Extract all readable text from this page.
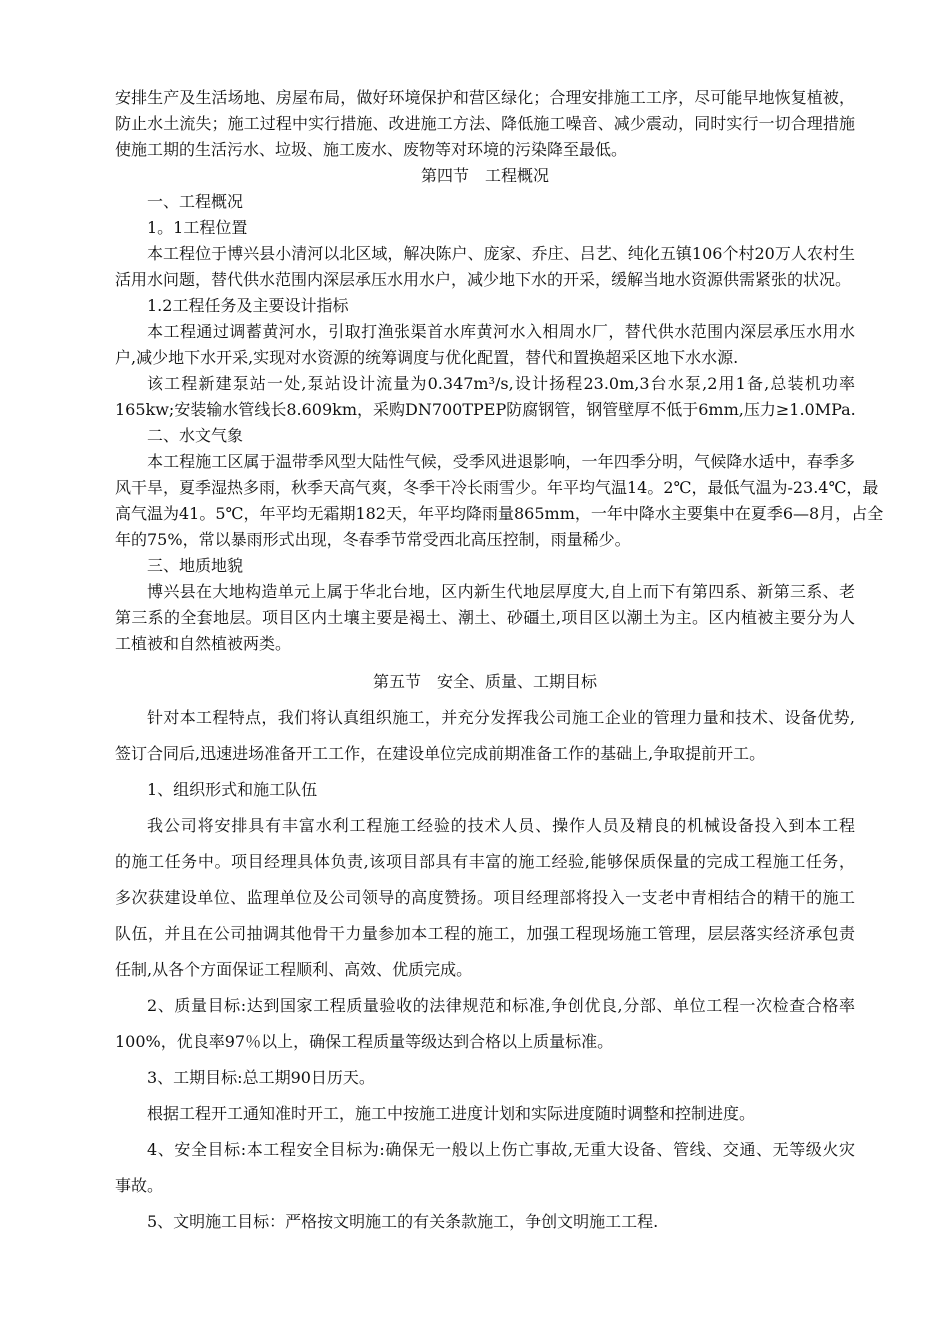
安排生产及生活场地、房屋布局，做好环境保护和营区绿化；合理安排施工工序，尽可能早地恢复植被，
防止水土流失；施工过程中实行措施、改进施工方法、降低施工噪音、减少震动，同时实行一切合理措施
使施工期的生活污水、垃圾、施工废水、废物等对环境的污染降至最低。
第四节　工程概况
一、工程概况
1。1工程位置
本工程位于博兴县小清河以北区域，解决陈户、庞家、乔庄、吕艺、纯化五镇106个村20万人农村生
活用水问题，替代供水范围内深层承压水用水户，减少地下水的开采，缓解当地水资源供需紧张的状况。
1.2工程任务及主要设计指标
本工程通过调蓄黄河水，引取打渔张渠首水库黄河水入相周水厂，替代供水范围内深层承压水用水
户,减少地下水开采,实现对水资源的统筹调度与优化配置，替代和置换超采区地下水水源.
该工程新建泵站一处,泵站设计流量为0.347m³/s,设计扬程23.0m,3台水泵,2用1备,总装机功率
165kw;安装输水管线长8.609km，采购DN700TPEP防腐钢管，钢管壁厚不低于6mm,压力≥1.0MPa.
二、水文气象
本工程施工区属于温带季风型大陆性气候，受季风进退影响，一年四季分明，气候降水适中，春季多
风干旱，夏季湿热多雨，秋季天高气爽，冬季干冷长雨雪少。年平均气温14。2℃，最低气温为-23.4℃，最
高气温为41。5℃，年平均无霜期182天，年平均降雨量865mm，一年中降水主要集中在夏季6—8月，占全
年的75%，常以暴雨形式出现，冬春季节常受西北高压控制，雨量稀少。
三、地质地貌
博兴县在大地构造单元上属于华北台地，区内新生代地层厚度大,自上而下有第四系、新第三系、老
第三系的全套地层。项目区内土壤主要是褐土、潮土、砂礓土,项目区以潮土为主。区内植被主要分为人
工植被和自然植被两类。
第五节　安全、质量、工期目标
针对本工程特点，我们将认真组织施工，并充分发挥我公司施工企业的管理力量和技术、设备优势,
签订合同后,迅速进场准备开工工作，在建设单位完成前期准备工作的基础上,争取提前开工。
1、组织形式和施工队伍
我公司将安排具有丰富水利工程施工经验的技术人员、操作人员及精良的机械设备投入到本工程
的施工任务中。项目经理具体负责,该项目部具有丰富的施工经验,能够保质保量的完成工程施工任务，
多次获建设单位、监理单位及公司领导的高度赞扬。项目经理部将投入一支老中青相结合的精干的施工
队伍，并且在公司抽调其他骨干力量参加本工程的施工，加强工程现场施工管理，层层落实经济承包责
任制,从各个方面保证工程顺利、高效、优质完成。
2、质量目标:达到国家工程质量验收的法律规范和标准,争创优良,分部、单位工程一次检查合格率
100%，优良率97％以上，确保工程质量等级达到合格以上质量标准。
3、工期目标:总工期90日历天。
根据工程开工通知准时开工，施工中按施工进度计划和实际进度随时调整和控制进度。
4、安全目标:本工程安全目标为:确保无一般以上伤亡事故,无重大设备、管线、交通、无等级火灾
事故。
5、文明施工目标：严格按文明施工的有关条款施工，争创文明施工工程.
